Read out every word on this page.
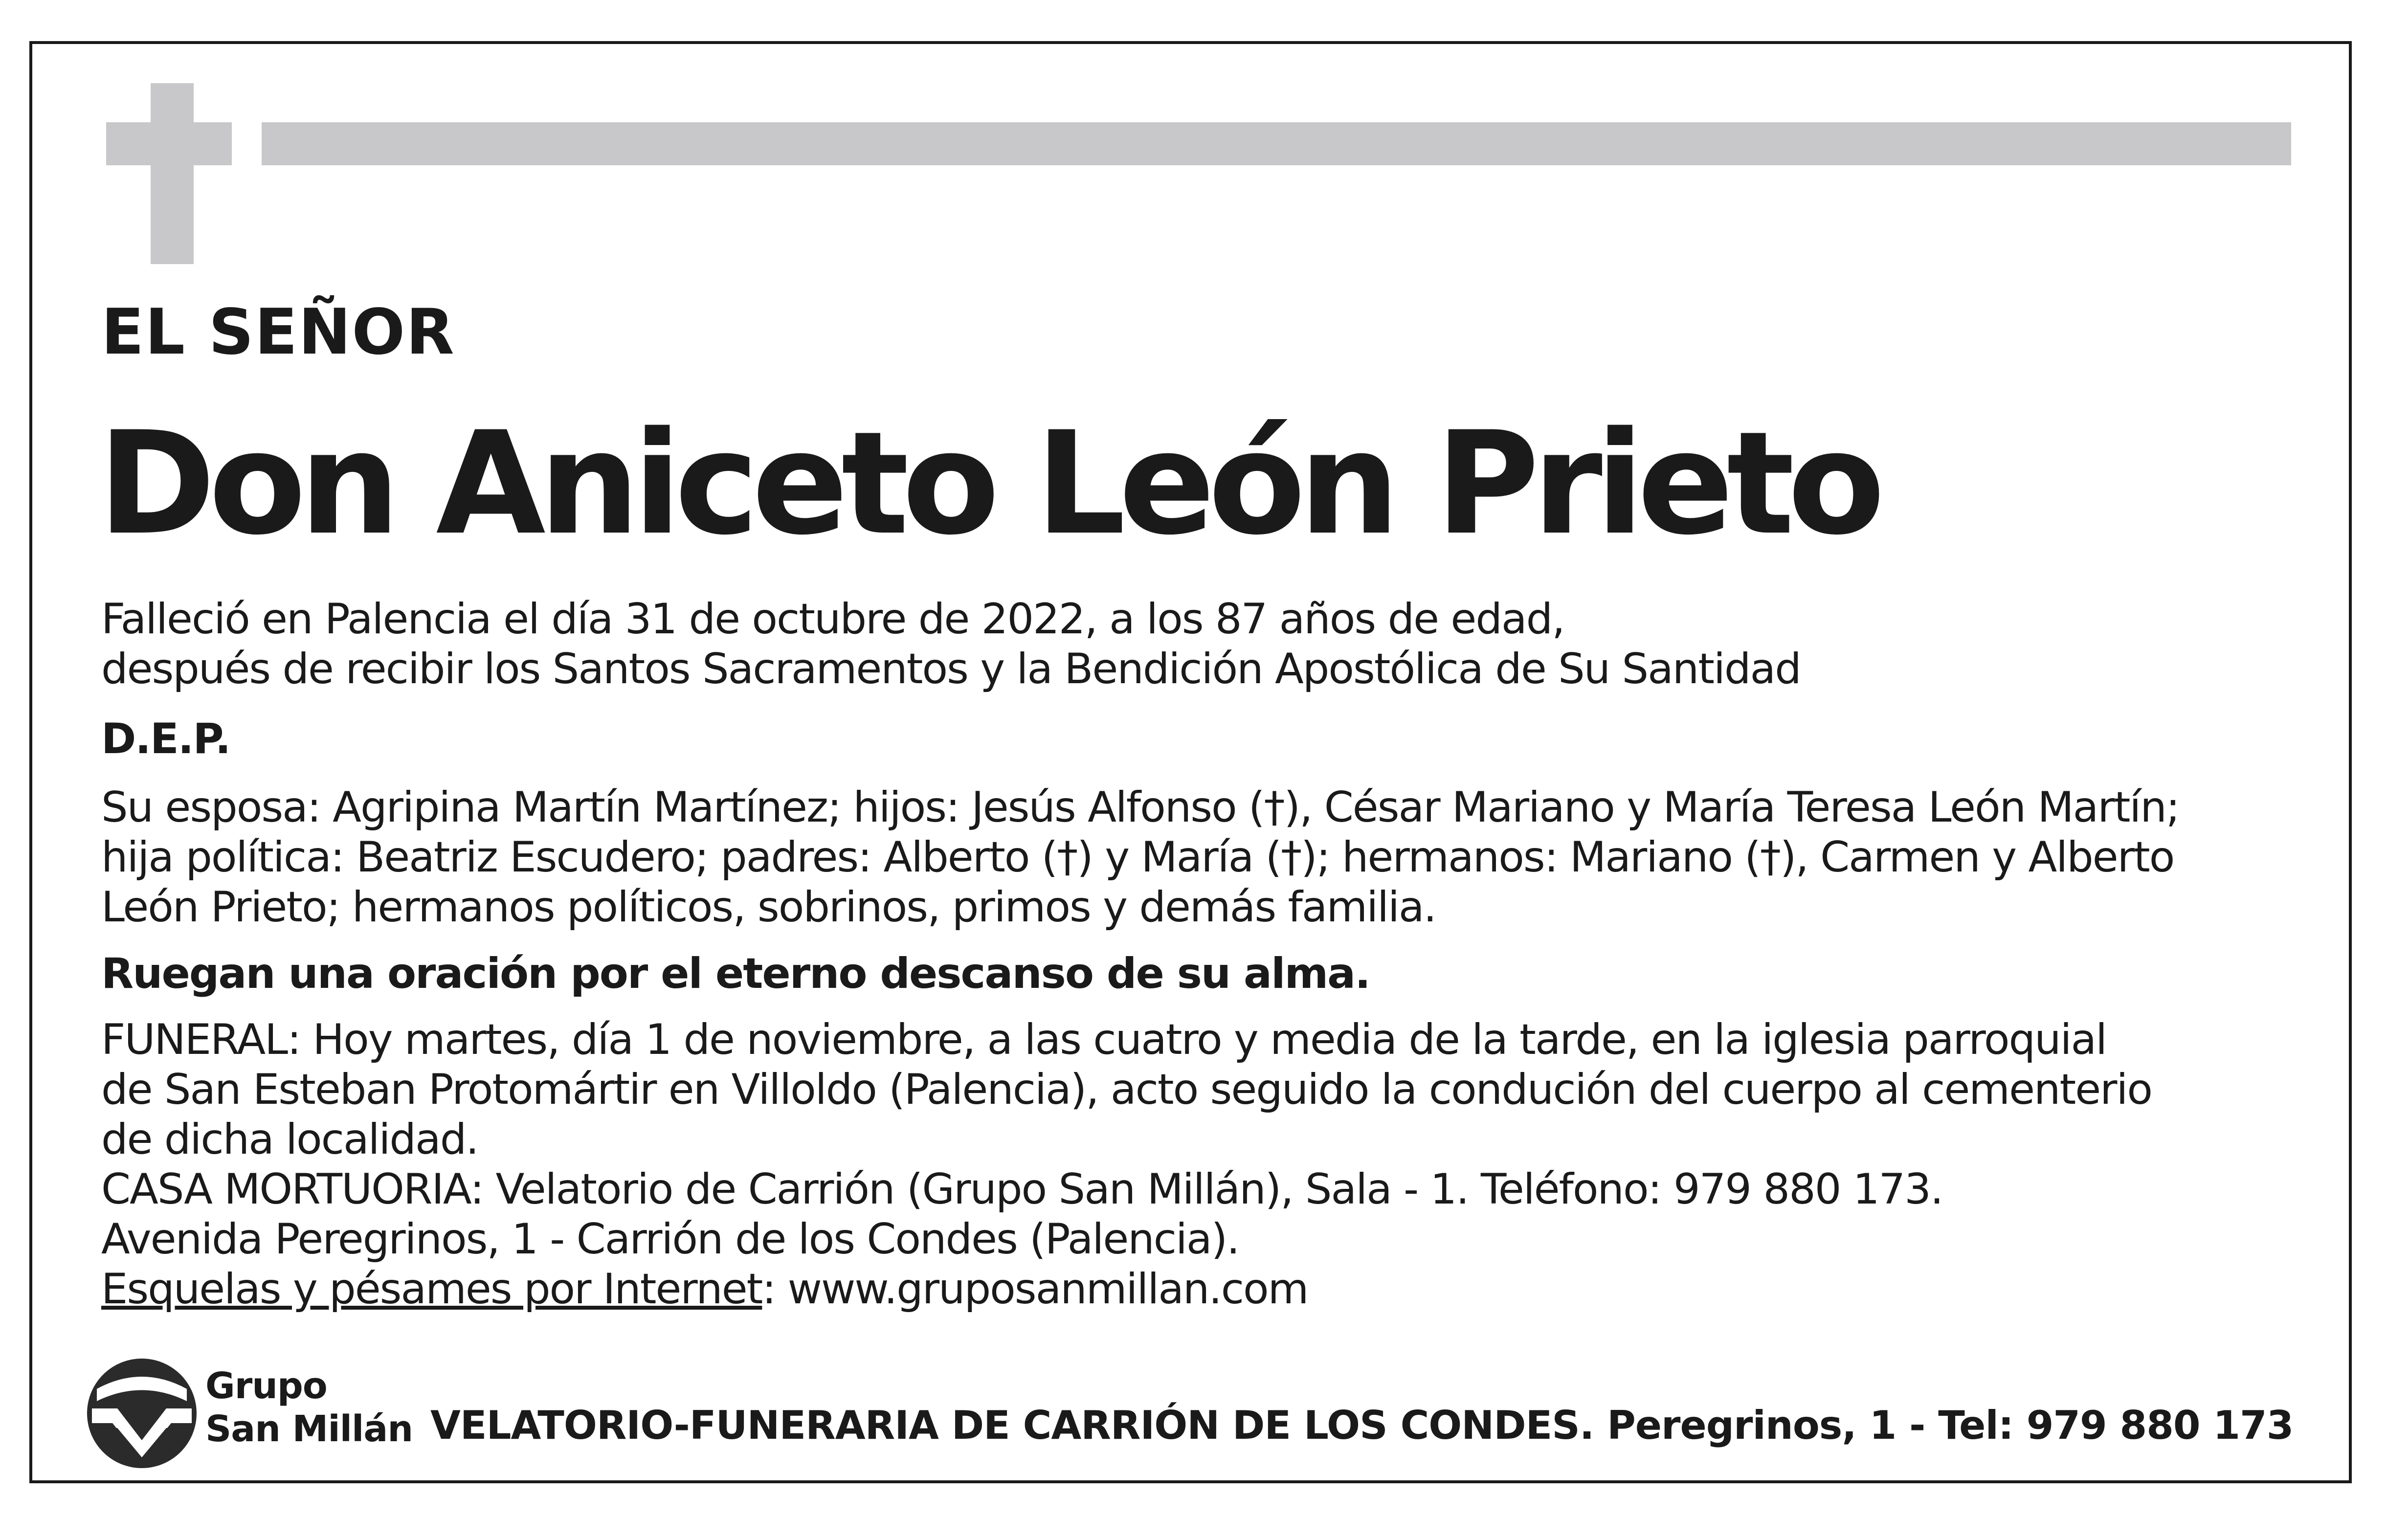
EL SEÑOR
Don Aniceto León Prieto
Falleció en Palencia el día 31 de octubre de 2022, a los 87 años de edad,
después de recibir los Santos Sacramentos y la Bendición Apostólica de Su Santidad
D.E.P.
Su esposa: Agripina Martín Martínez; hijos: Jesús Alfonso (†), César Mariano y María Teresa León Martín;
hija política: Beatriz Escudero; padres: Alberto (†) y María (†); hermanos: Mariano (†), Carmen y Alberto
León Prieto; hermanos políticos, sobrinos, primos y demás familia.
Ruegan una oración por el eterno descanso de su alma.
FUNERAL: Hoy martes, día 1 de noviembre, a las cuatro y media de la tarde, en la iglesia parroquial
de San Esteban Protomártir en Villoldo (Palencia), acto seguido la condución del cuerpo al cementerio
de dicha localidad.
CASA MORTUORIA: Velatorio de Carrión (Grupo San Millán), Sala - 1. Teléfono: 979 880 173.
Avenida Peregrinos, 1 - Carrión de los Condes (Palencia).
Esquelas y pésames por Internet: www.gruposanmillan.com
Grupo
San Millán VELATORIO-FUNERARIA DE CARRIÓN DE LOS CONDES. Peregrinos, 1 - Tel: 979 880 173
